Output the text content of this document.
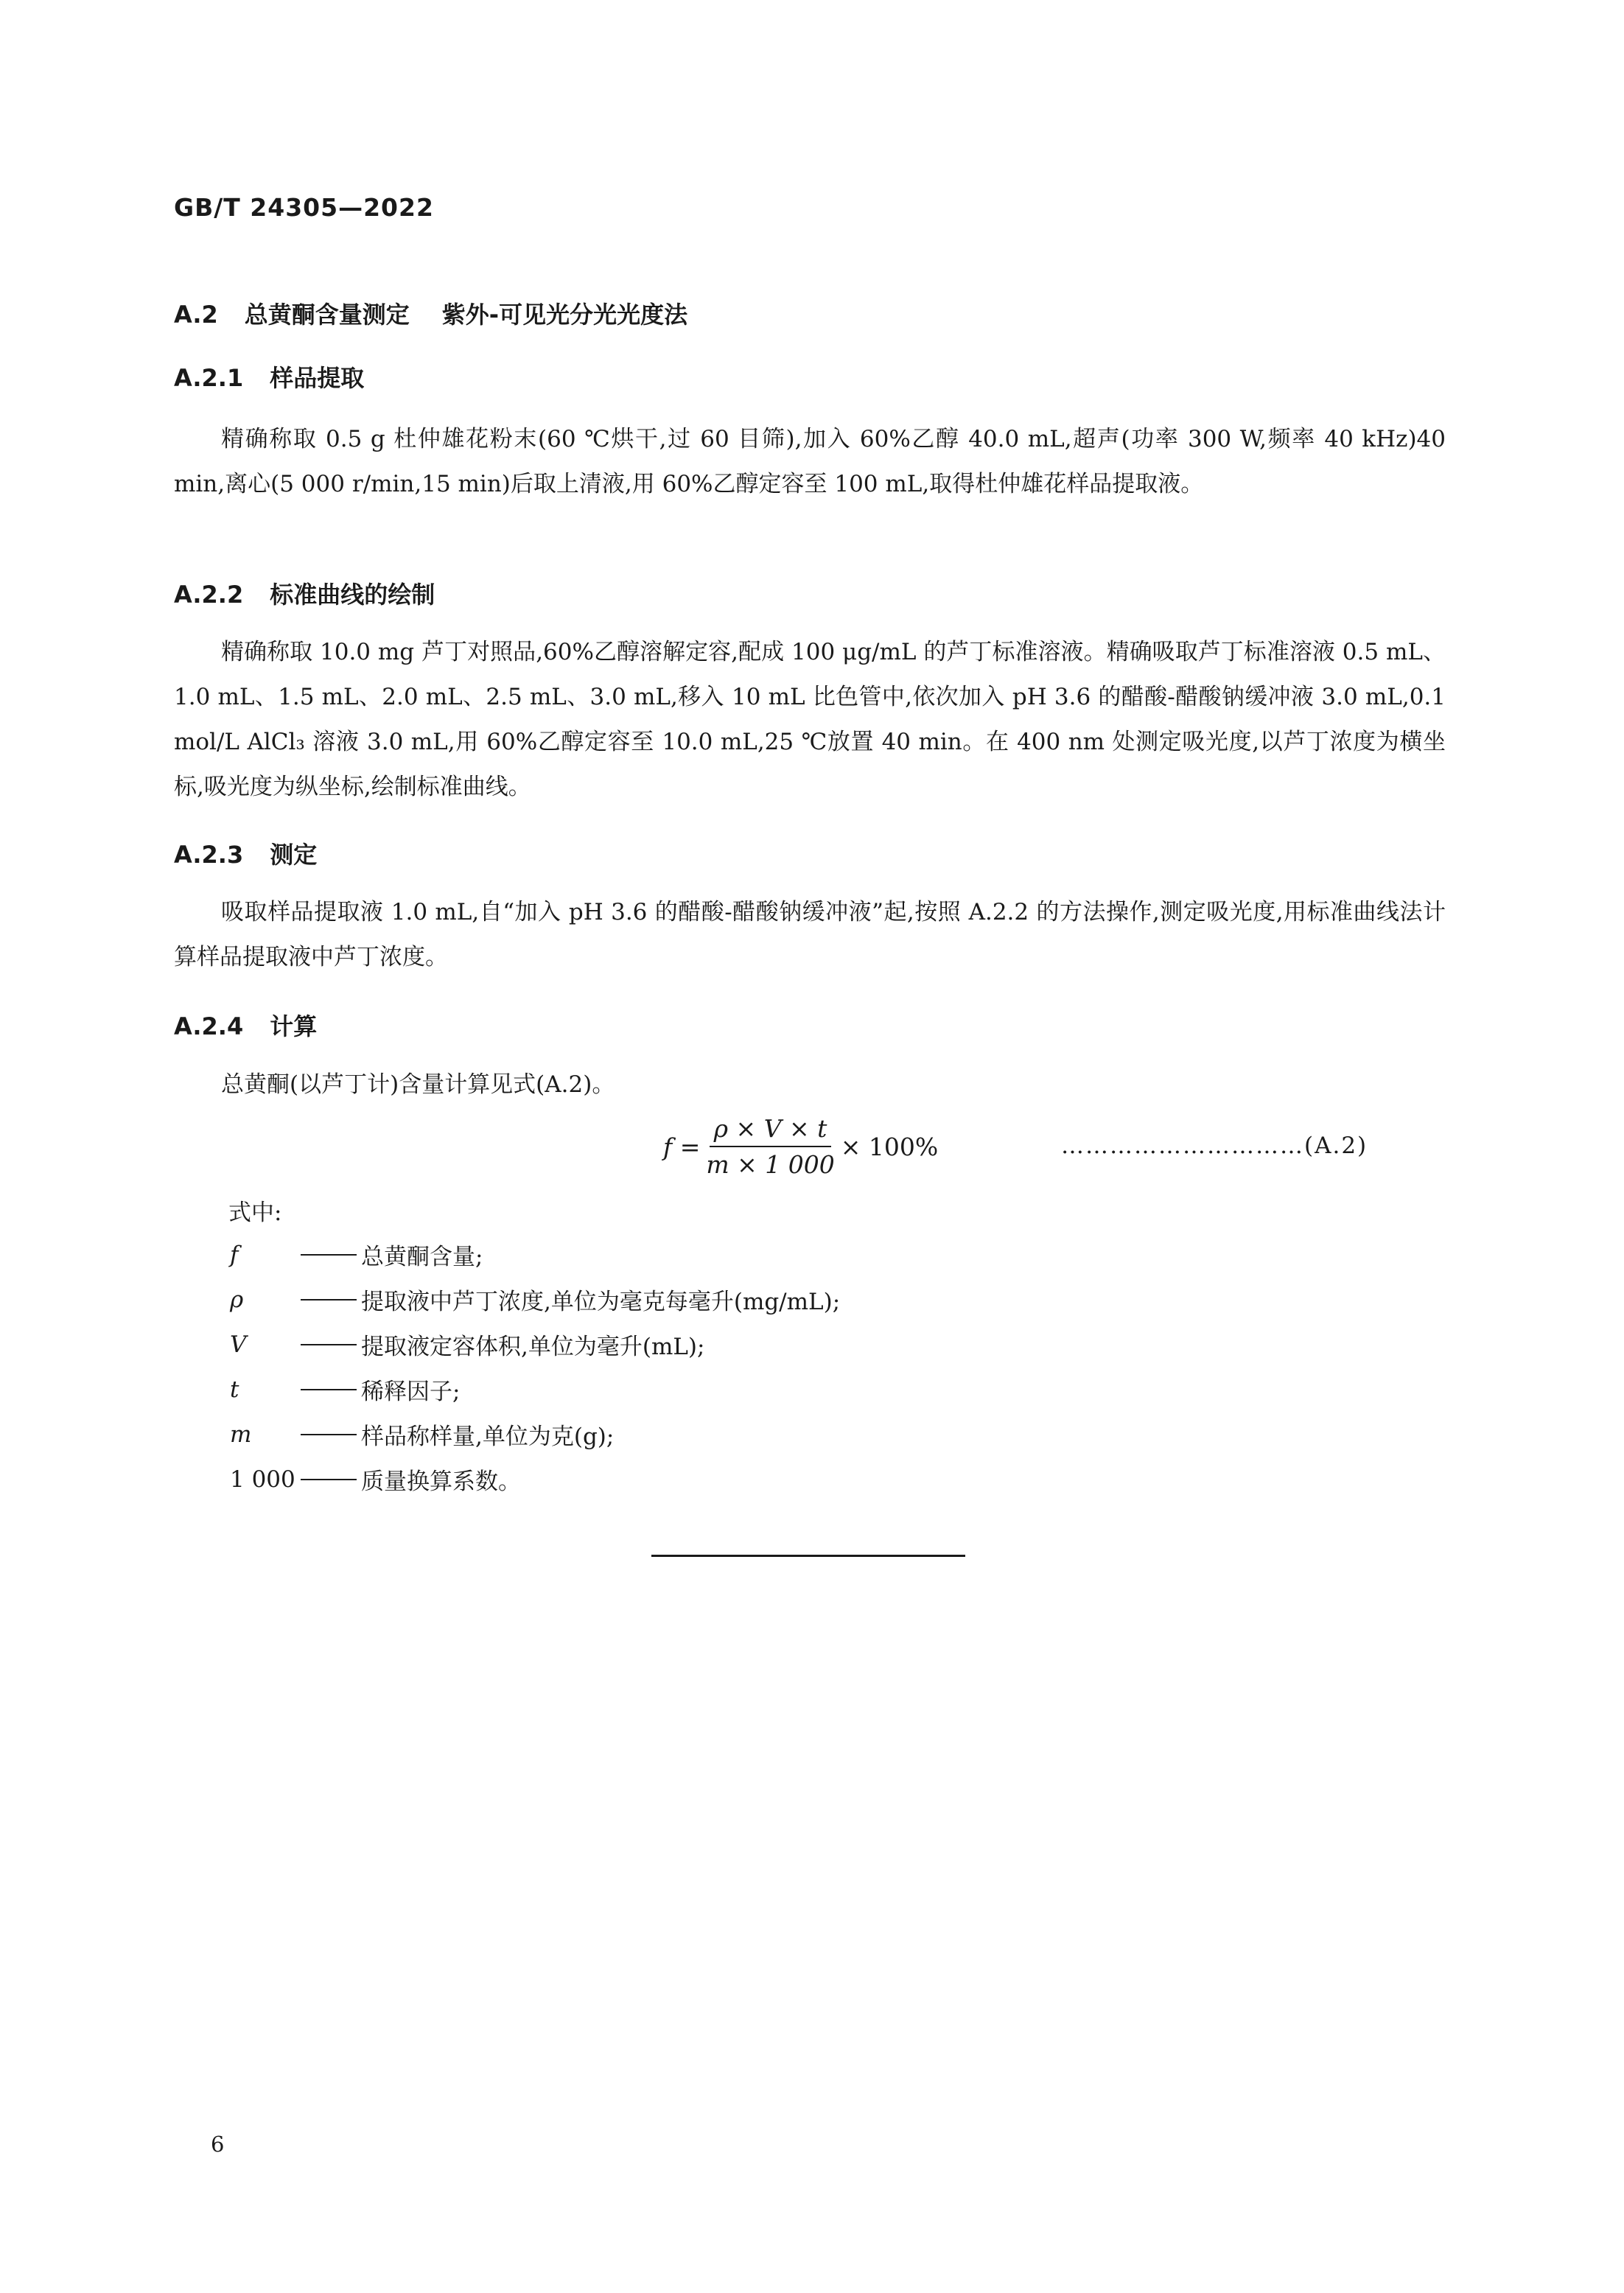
GB/T 24305—2022
A.2 总黄酮含量测定 紫外-可见光分光光度法
A.2.1 样品提取
精确称取 0.5 g 杜仲雄花粉末(60 ℃烘干,过 60 目筛),加入 60%乙醇 40.0 mL,超声(功率 300 W,频率 40 kHz)40 min,离心(5 000 r/min,15 min)后取上清液,用 60%乙醇定容至 100 mL,取得杜仲雄花样品提取液。
A.2.2 标准曲线的绘制
精确称取 10.0 mg 芦丁对照品,60%乙醇溶解定容,配成 100 μg/mL 的芦丁标准溶液。精确吸取芦丁标准溶液 0.5 mL、1.0 mL、1.5 mL、2.0 mL、2.5 mL、3.0 mL,移入 10 mL 比色管中,依次加入 pH 3.6 的醋酸-醋酸钠缓冲液 3.0 mL,0.1 mol/L AlCl₃ 溶液 3.0 mL,用 60%乙醇定容至 10.0 mL,25 ℃放置 40 min。在 400 nm 处测定吸光度,以芦丁浓度为横坐标,吸光度为纵坐标,绘制标准曲线。
A.2.3 测定
吸取样品提取液 1.0 mL,自“加入 pH 3.6 的醋酸-醋酸钠缓冲液”起,按照 A.2.2 的方法操作,测定吸光度,用标准曲线法计算样品提取液中芦丁浓度。
A.2.4 计算
总黄酮(以芦丁计)含量计算见式(A.2)。
$f = \frac{\rho \times V \times t}{m \times 1 000} \times 100\%$	…………………………(A.2)
式中:
f	总黄酮含量;
ρ	提取液中芦丁浓度,单位为毫克每毫升(mg/mL);
V	提取液定容体积,单位为毫升(mL);
t	稀释因子;
m	样品称样量,单位为克(g);
1 000	质量换算系数。
6
